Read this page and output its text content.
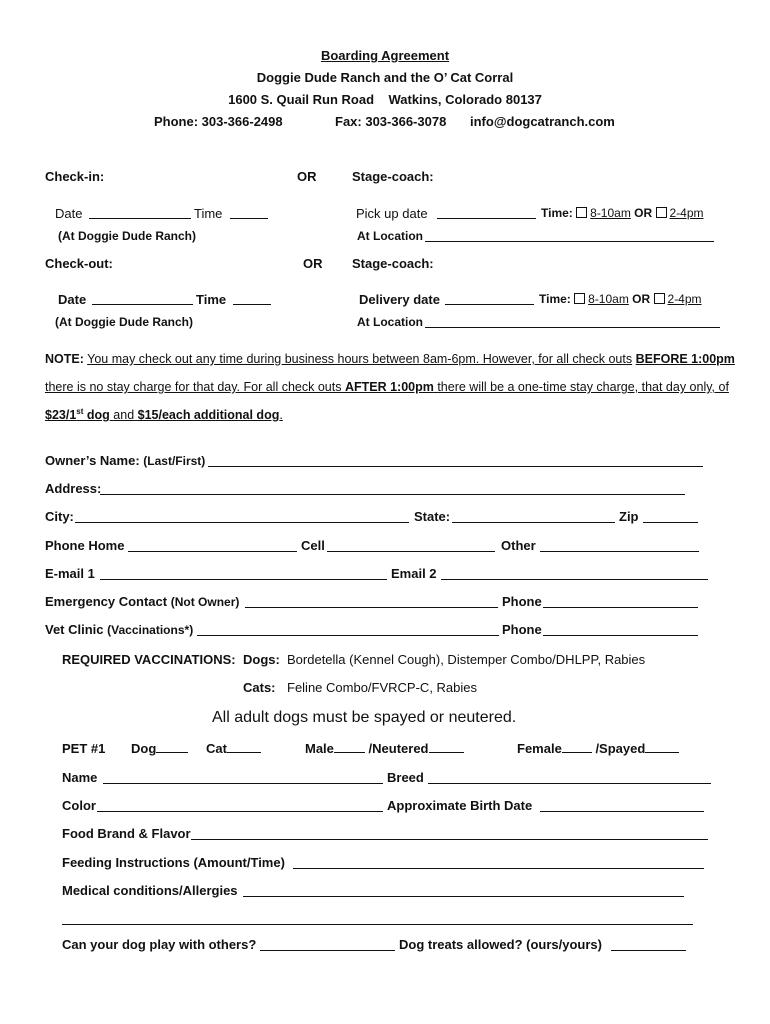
Boarding Agreement
Doggie Dude Ranch and the O’ Cat Corral
1600 S. Quail Run Road    Watkins, Colorado 80137
Phone: 303-366-2498	Fax: 303-366-3078 info@dogcatranch.com
Check-in:	OR	Stage-coach:
Date	Time
(At Doggie Dude Ranch)
Pick up date	Time: 8-10am OR 2-4pm
At Location
Check-out:	OR Stage-coach:
Date	Time
(At Doggie Dude Ranch)
Delivery date	Time: 8-10am OR 2-4pm
At Location
NOTE: You may check out any time during business hours between 8am-6pm. However, for all check outs BEFORE 1:00pm
there is no stay charge for that day. For all check outs AFTER 1:00pm there will be a one-time stay charge, that day only, of
$23/1st dog and $15/each additional dog.
Owner’s Name: (Last/First)
Address:
City:	State:	Zip
Phone Home	Cell	Other
E-mail 1	Email 2
Emergency Contact (Not Owner)	Phone
Vet Clinic (Vaccinations*)	Phone
REQUIRED VACCINATIONS: Dogs: Bordetella (Kennel Cough), Distemper Combo/DHLPP, Rabies
Cats: Feline Combo/FVRCP-C, Rabies
All adult dogs must be spayed or neutered.
PET #1 Dog	Cat	Male	/Neutered	Female	/Spayed
Name	Breed
Color	Approximate Birth Date
Food Brand & Flavor
Feeding Instructions (Amount/Time)
Medical conditions/Allergies
Can your dog play with others?	Dog treats allowed? (ours/yours)
